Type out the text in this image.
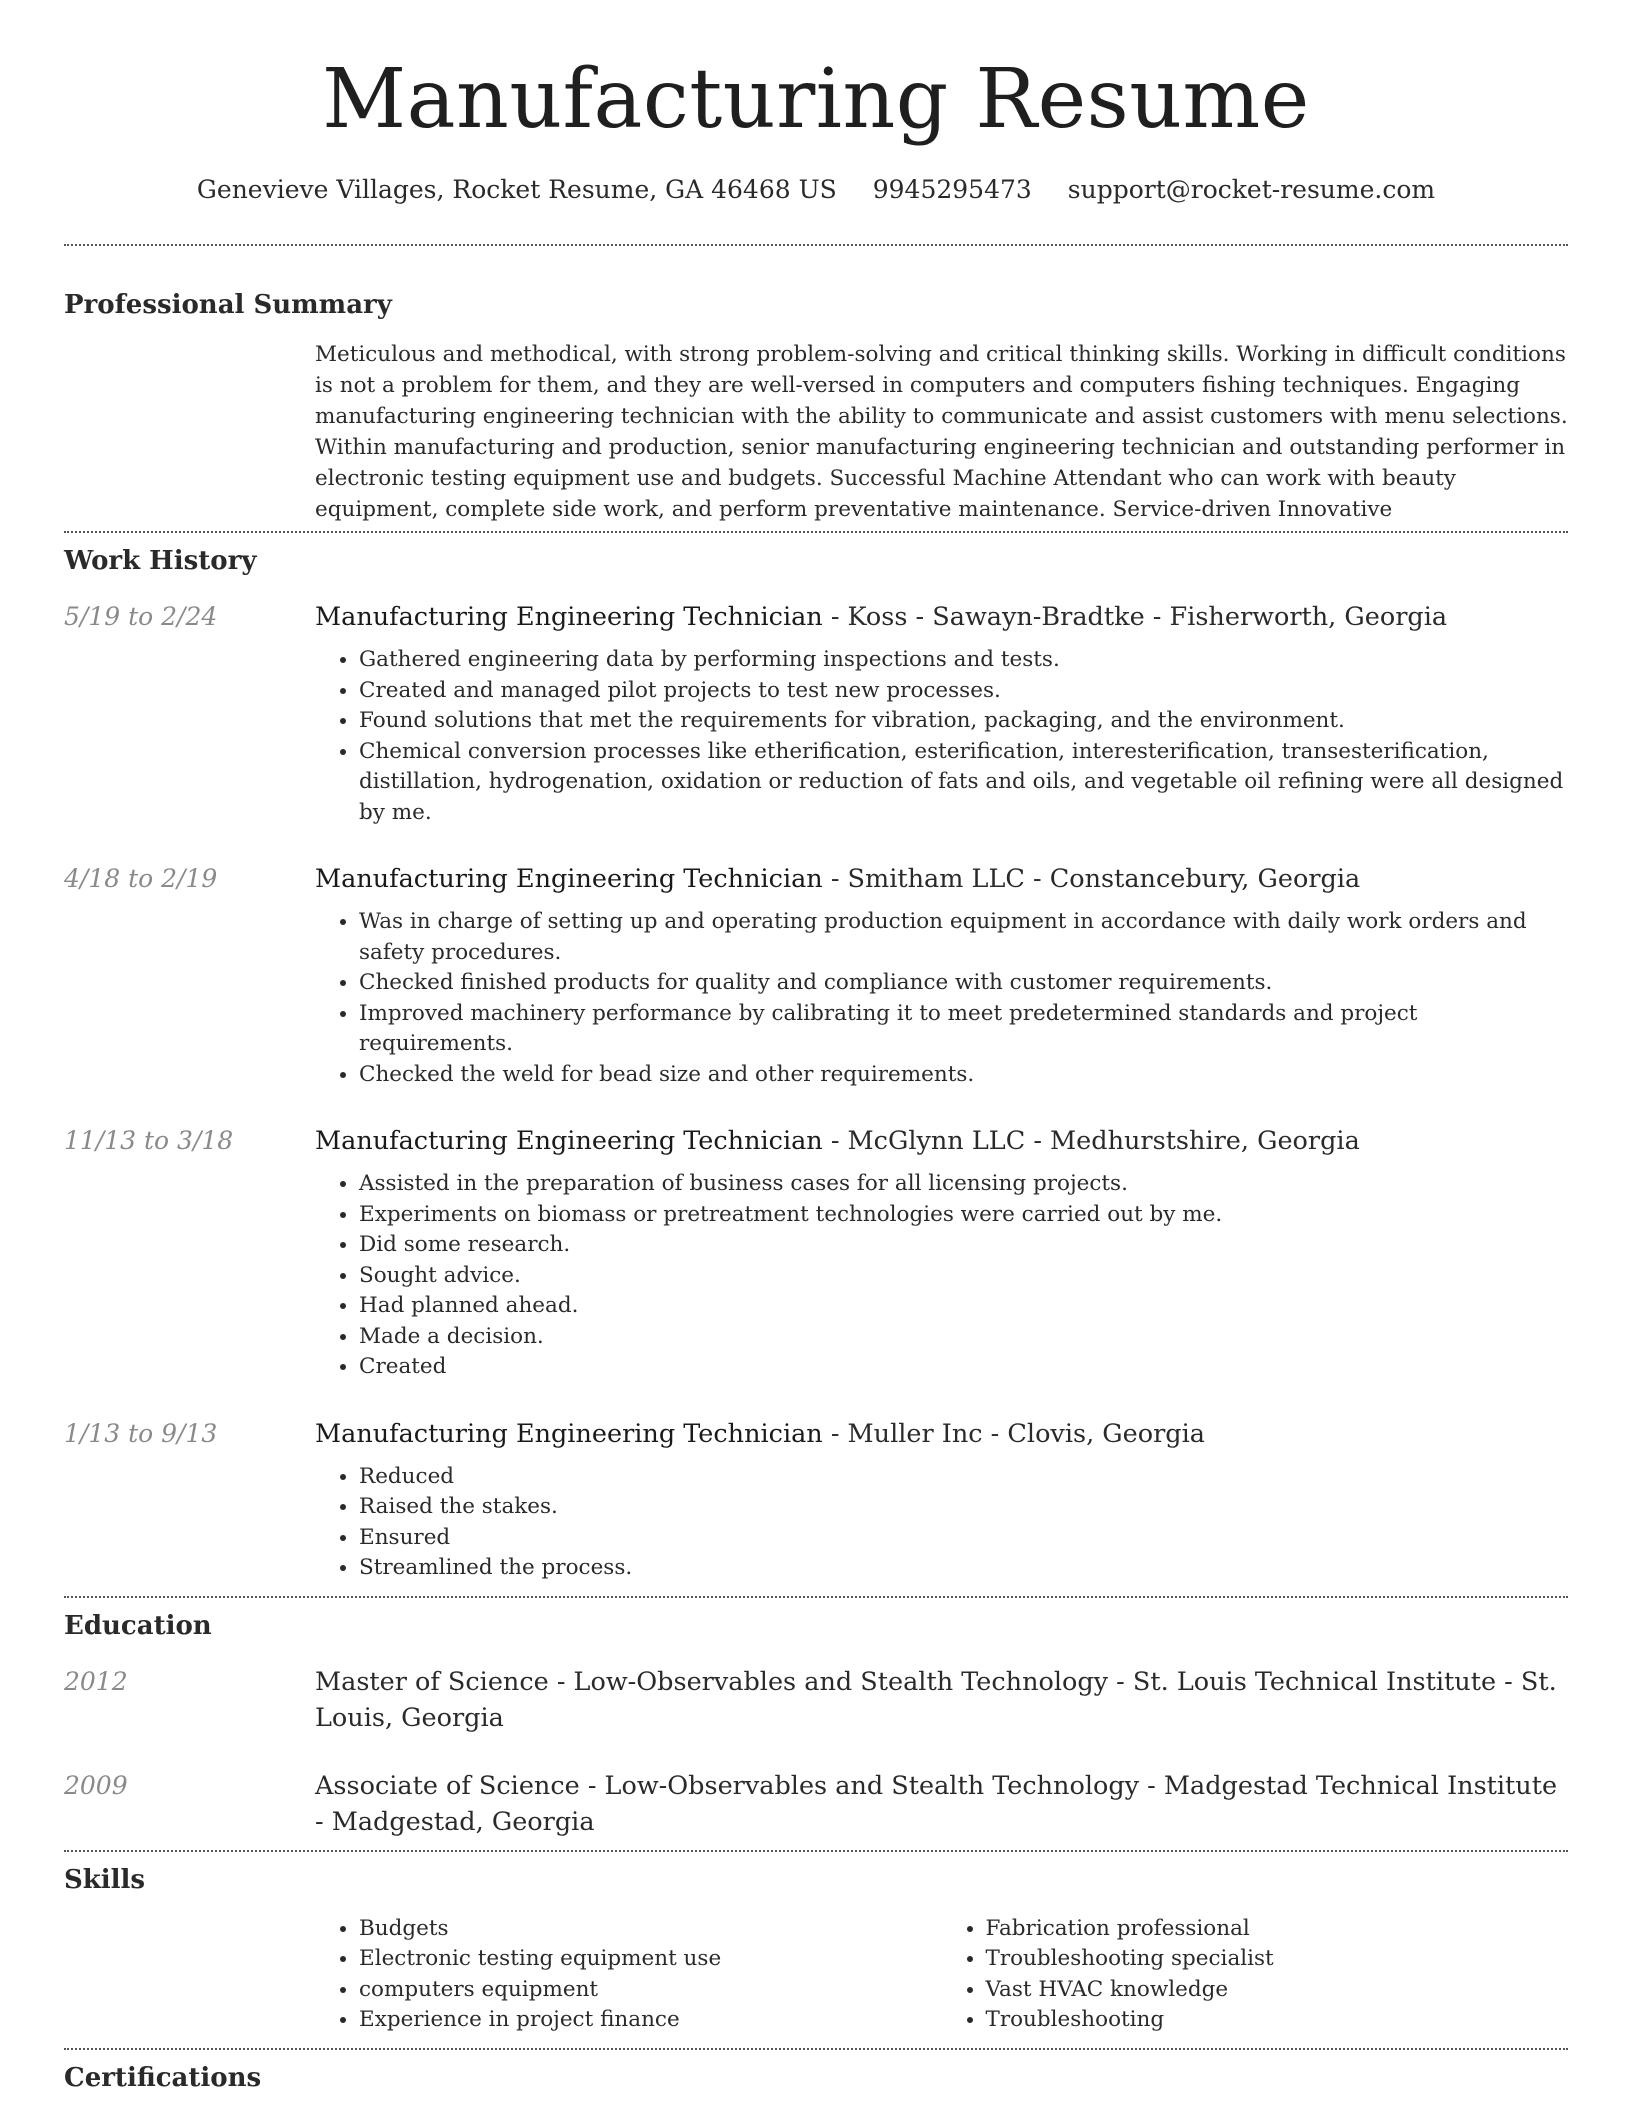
Manufacturing Resume
Genevieve Villages, Rocket Resume, GA 46468 US 9945295473 support@rocket-resume.com
Professional Summary

Meticulous and methodical, with strong problem-solving and critical thinking skills. Working in difficult conditions is not a problem for them, and they are well-versed in computers and computers fishing techniques. Engaging manufacturing engineering technician with the ability to communicate and assist customers with menu selections. Within manufacturing and production, senior manufacturing engineering technician and outstanding performer in electronic testing equipment use and budgets. Successful Machine Attendant who can work with beauty equipment, complete side work, and perform preventative maintenance. Service-driven Innovative

Work History
5/19 to 2/24	Manufacturing Engineering Technician - Koss - Sawayn-Bradtke - Fisherworth, Georgia

• Gathered engineering data by performing inspections and tests.
• Created and managed pilot projects to test new processes.
• Found solutions that met the requirements for vibration, packaging, and the environment.
• Chemical conversion processes like etherification, esterification, interesterification, transesterification, distillation, hydrogenation, oxidation or reduction of fats and oils, and vegetable oil refining were all designed by me.
4/18 to 2/19	Manufacturing Engineering Technician - Smitham LLC - Constancebury, Georgia

• Was in charge of setting up and operating production equipment in accordance with daily work orders and safety procedures.
• Checked finished products for quality and compliance with customer requirements.
• Improved machinery performance by calibrating it to meet predetermined standards and project requirements.
• Checked the weld for bead size and other requirements.
11/13 to 3/18	Manufacturing Engineering Technician - McGlynn LLC - Medhurstshire, Georgia

• Assisted in the preparation of business cases for all licensing projects.
• Experiments on biomass or pretreatment technologies were carried out by me.
• Did some research.
• Sought advice.
• Had planned ahead.
• Made a decision.
• Created
1/13 to 9/13	Manufacturing Engineering Technician - Muller Inc - Clovis, Georgia

• Reduced
• Raised the stakes.
• Ensured
• Streamlined the process.
Education
2012	Master of Science - Low-Observables and Stealth Technology - St. Louis Technical Institute - St. Louis, Georgia

2009	Associate of Science - Low-Observables and Stealth Technology - Madgestad Technical Institute - Madgestad, Georgia

Skills
• Budgets
• Electronic testing equipment use
• computers equipment
• Experience in project finance
• Fabrication professional
• Troubleshooting specialist
• Vast HVAC knowledge
• Troubleshooting
Certifications
